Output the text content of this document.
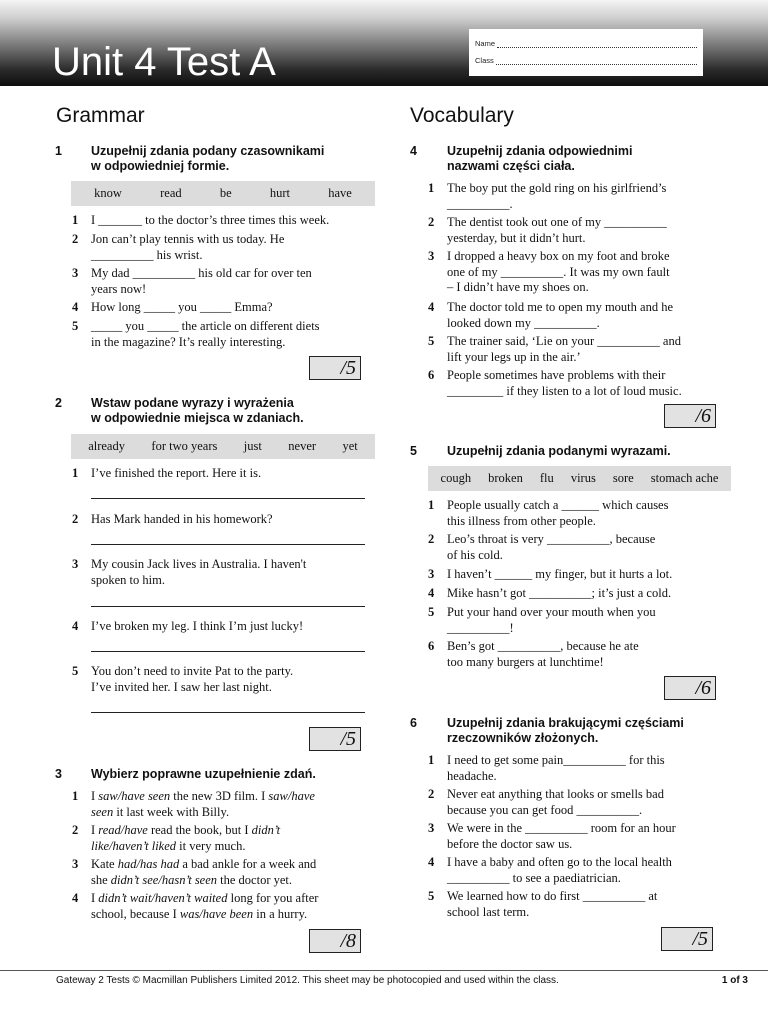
Unit 4 Test A	Name
Class
Grammar
1 Uzupełnij zdania podany czasownikami
w odpowiedniej formie.
know	read	be	hurt	have
1 I _______ to the doctor’s three times this week.
2 Jon can’t play tennis with us today. He
__________ his wrist.
3 My dad __________ his old car for over ten
years now!
4 How long _____ you _____ Emma?
5 _____ you _____ the article on different diets
in the magazine? It’s really interesting.
/5
2 Wstaw podane wyrazy i wyrażenia
w odpowiednie miejsca w zdaniach.
already for two years just never yet
1 I’ve finished the report. Here it is.
2 Has Mark handed in his homework?
3 My cousin Jack lives in Australia. I haven't
spoken to him.
4 I’ve broken my leg. I think I’m just lucky!
5 You don’t need to invite Pat to the party.
I’ve invited her. I saw her last night.
/5
3 Wybierz poprawne uzupełnienie zdań.
1 I saw/have seen the new 3D film. I saw/have
seen it last week with Billy.
2 I read/have read the book, but I didn’t
like/haven’t liked it very much.
3 Kate had/has had a bad ankle for a week and
she didn’t see/hasn’t seen the doctor yet.
4 I didn’t wait/haven’t waited long for you after
school, because I was/have been in a hurry.
/8
Vocabulary
4 Uzupełnij zdania odpowiednimi
nazwami części ciała.
1 The boy put the gold ring on his girlfriend’s
__________.
2 The dentist took out one of my __________
yesterday, but it didn’t hurt.
3 I dropped a heavy box on my foot and broke
one of my __________. It was my own fault
– I didn’t have my shoes on.
4 The doctor told me to open my mouth and he
looked down my __________.
5 The trainer said, ‘Lie on your __________ and
lift your legs up in the air.’
6 People sometimes have problems with their
_________ if they listen to a lot of loud music.
/6
5 Uzupełnij zdania podanymi wyrazami.
cough broken flu virus sore stomach ache
1 People usually catch a ______ which causes
this illness from other people.
2 Leo’s throat is very __________, because
of his cold.
3 I haven’t ______ my finger, but it hurts a lot.
4 Mike hasn’t got __________; it’s just a cold.
5 Put your hand over your mouth when you
__________!
6 Ben’s got __________, because he ate
too many burgers at lunchtime!
/6
6 Uzupełnij zdania brakującymi częściami
rzeczowników złożonych.
1 I need to get some pain__________ for this
headache.
2 Never eat anything that looks or smells bad
because you can get food __________.
3 We were in the __________ room for an hour
before the doctor saw us.
4 I have a baby and often go to the local health
__________ to see a paediatrician.
5 We learned how to do first __________ at
school last term.
/5
Gateway 2 Tests © Macmillan Publishers Limited 2012. This sheet may be photocopied and used within the class.	1 of 3
